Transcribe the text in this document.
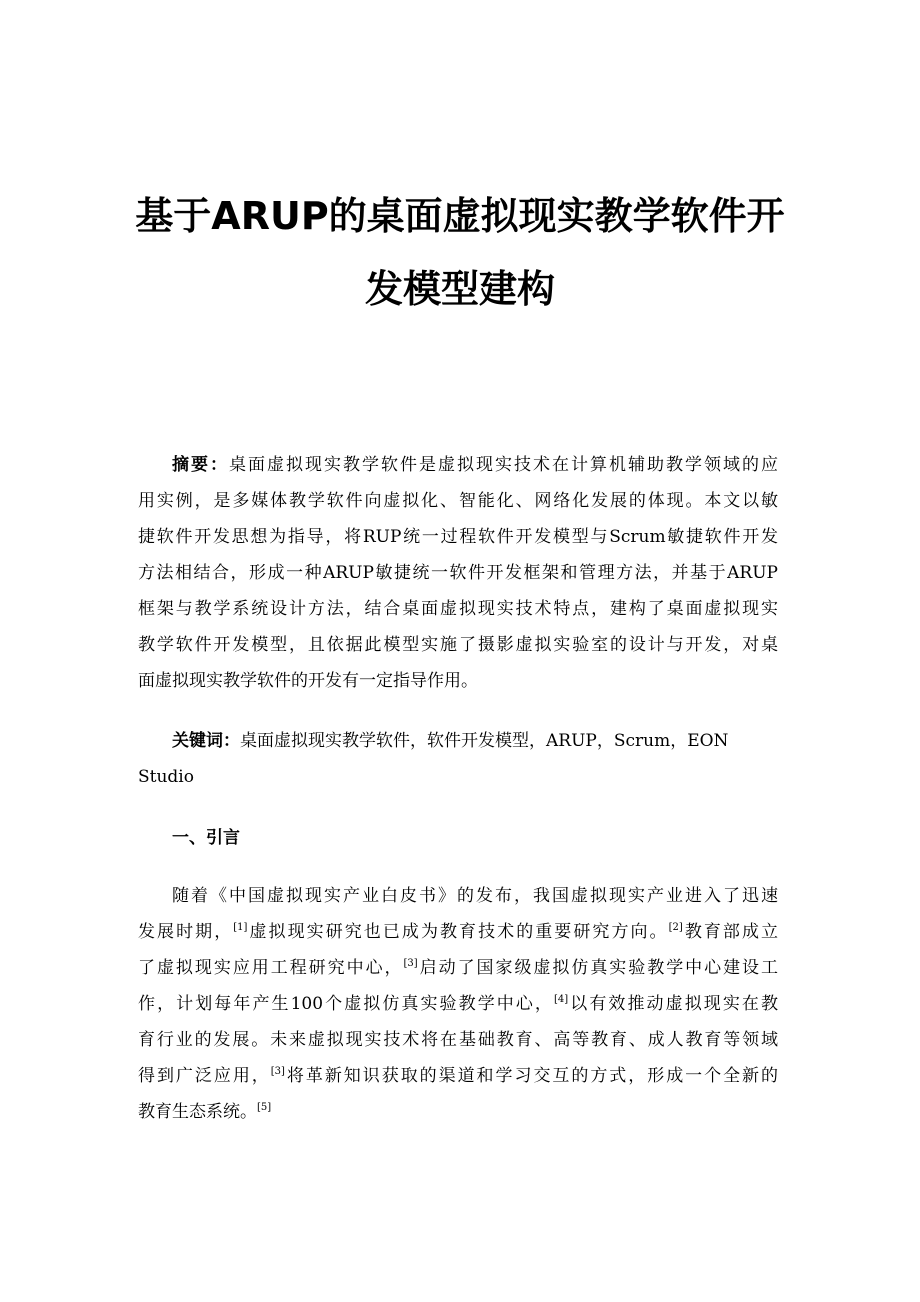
基于ARUP的桌面虚拟现实教学软件开
发模型建构
摘要：桌面虚拟现实教学软件是虚拟现实技术在计算机辅助教学领域的应
用实例，是多媒体教学软件向虚拟化、智能化、网络化发展的体现。本文以敏
捷软件开发思想为指导，将RUP统一过程软件开发模型与Scrum敏捷软件开发
方法相结合，形成一种ARUP敏捷统一软件开发框架和管理方法，并基于ARUP
框架与教学系统设计方法，结合桌面虚拟现实技术特点，建构了桌面虚拟现实
教学软件开发模型，且依据此模型实施了摄影虚拟实验室的设计与开发，对桌
面虚拟现实教学软件的开发有一定指导作用。
关键词：桌面虚拟现实教学软件，软件开发模型，ARUP，Scrum，EON
Studio
一、引言
随着《中国虚拟现实产业白皮书》的发布，我国虚拟现实产业进入了迅速
发展时期，[1]虚拟现实研究也已成为教育技术的重要研究方向。[2]教育部成立
了虚拟现实应用工程研究中心，[3]启动了国家级虚拟仿真实验教学中心建设工
作，计划每年产生100个虚拟仿真实验教学中心，[4]以有效推动虚拟现实在教
育行业的发展。未来虚拟现实技术将在基础教育、高等教育、成人教育等领域
得到广泛应用，[3]将革新知识获取的渠道和学习交互的方式，形成一个全新的
教育生态系统。[5]
